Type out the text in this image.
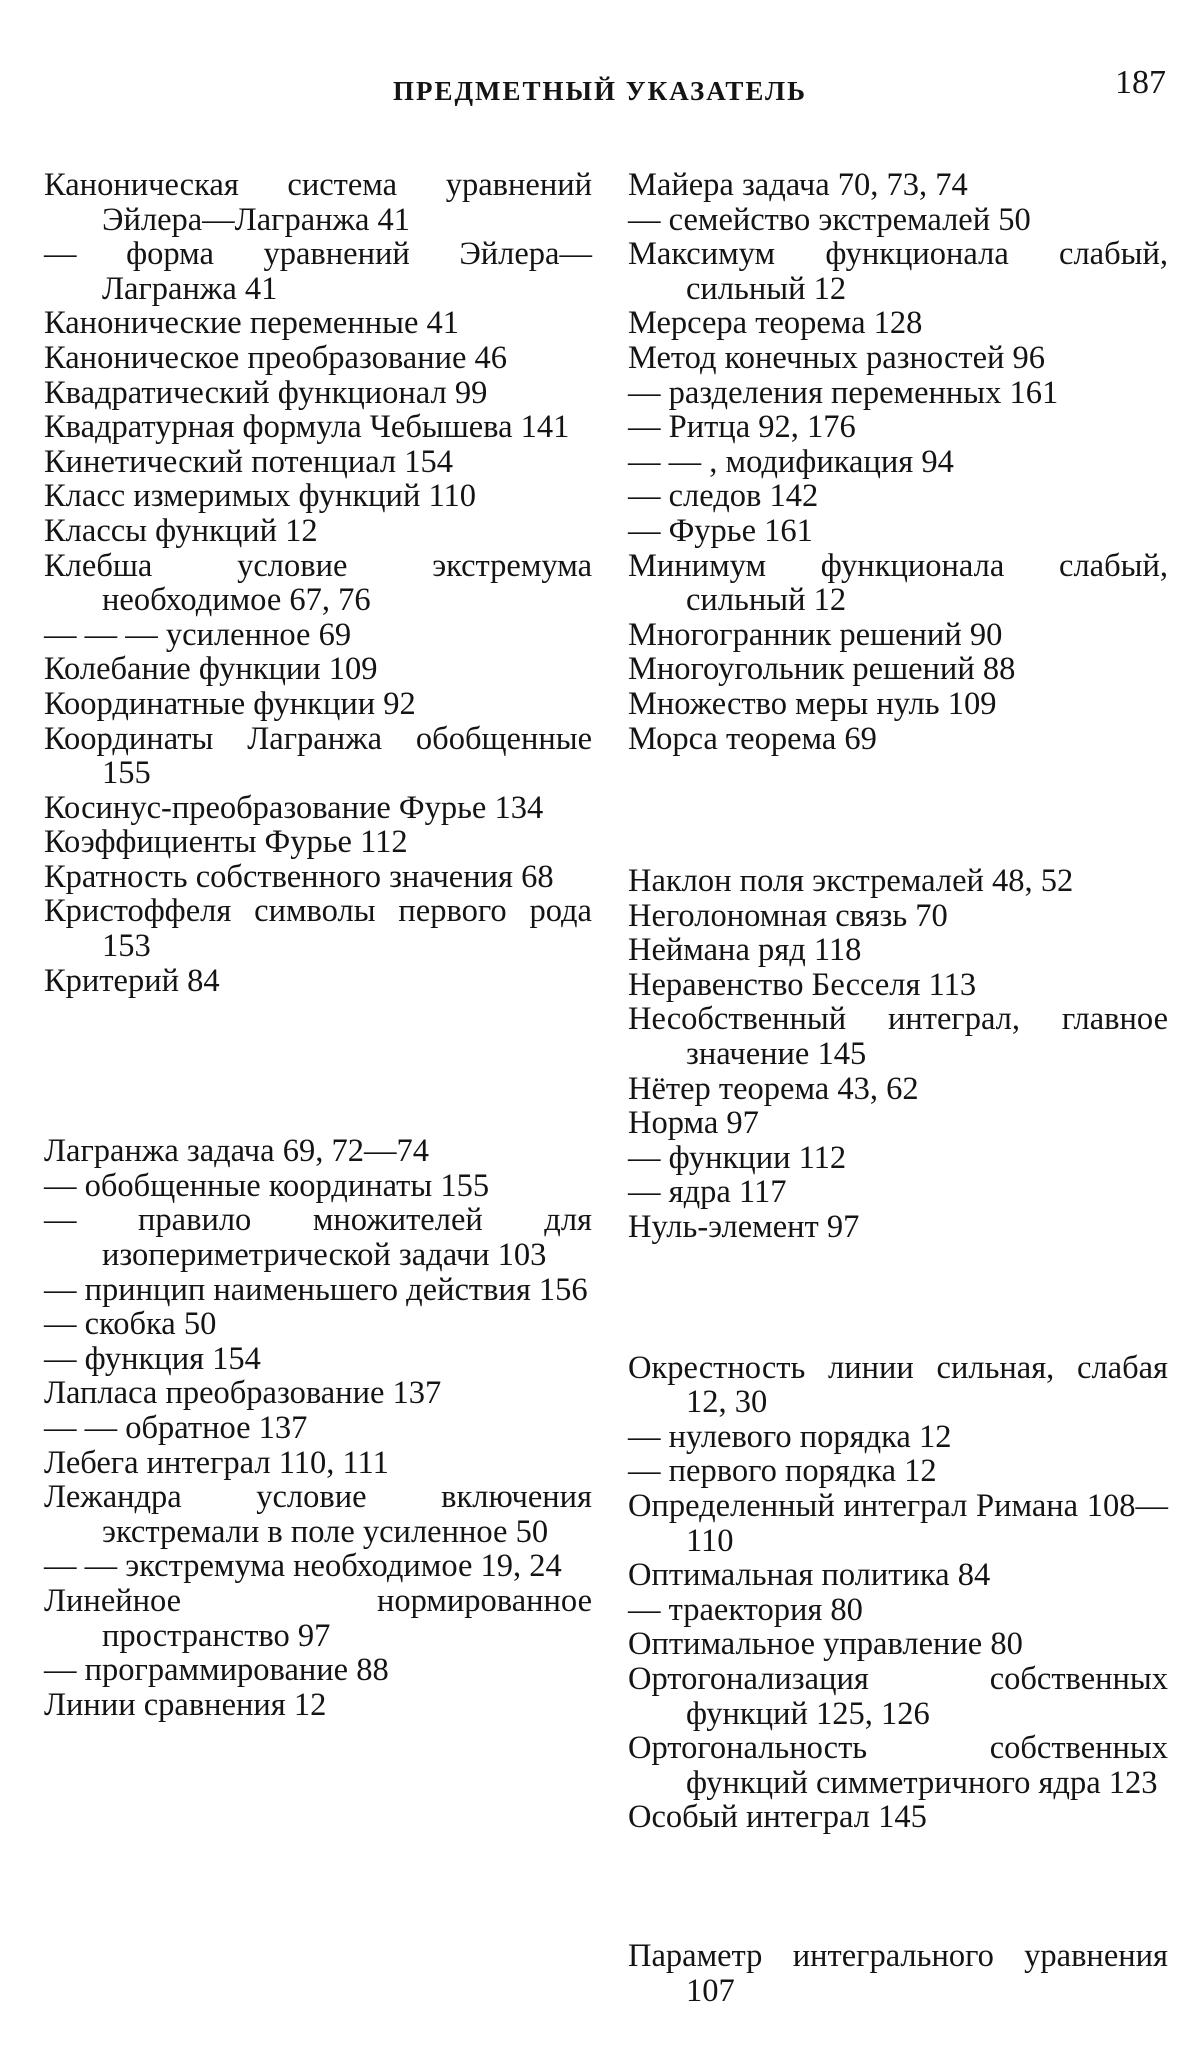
ПРЕДМЕТНЫЙ УКАЗАТЕЛЬ	187
Каноническая система уравнений Эйлера—Лагранжа 41
— форма уравнений Эйлера—Лагранжа 41
Канонические переменные 41
Каноническое преобразование 46
Квадратический функционал 99
Квадратурная формула Чебышева 141
Кинетический потенциал 154
Класс измеримых функций 110
Классы функций 12
Клебша условие экстремума необходимое 67, 76
— — — усиленное 69
Колебание функции 109
Координатные функции 92
Координаты Лагранжа обобщенные 155
Косинус-преобразование Фурье 134
Коэффициенты Фурье 112
Кратность собственного значения 68
Кристоффеля символы первого рода 153
Критерий 84
Лагранжа задача 69, 72—74
— обобщенные координаты 155
— правило множителей для изопериметрической задачи 103
— принцип наименьшего действия 156
— скобка 50
— функция 154
Лапласа преобразование 137
— — обратное 137
Лебега интеграл 110, 111
Лежандра условие включения экстремали в поле усиленное 50
— — экстремума необходимое 19, 24
Линейное нормированное пространство 97
— программирование 88
Линии сравнения 12
Майера задача 70, 73, 74
— семейство экстремалей 50
Максимум функционала слабый, сильный 12
Мерсера теорема 128
Метод конечных разностей 96
— разделения переменных 161
— Ритца 92, 176
— — , модификация 94
— следов 142
— Фурье 161
Минимум функционала слабый, сильный 12
Многогранник решений 90
Многоугольник решений 88
Множество меры нуль 109
Морса теорема 69
Наклон поля экстремалей 48, 52
Неголономная связь 70
Неймана ряд 118
Неравенство Бесселя 113
Несобственный интеграл, главное значение 145
Нётер теорема 43, 62
Норма 97
— функции 112
— ядра 117
Нуль-элемент 97
Окрестность линии сильная, слабая 12, 30
— нулевого порядка 12
— первого порядка 12
Определенный интеграл Римана 108—110
Оптимальная политика 84
— траектория 80
Оптимальное управление 80
Ортогонализация собственных функций 125, 126
Ортогональность собственных функций симметричного ядра 123
Особый интеграл 145
Параметр интегрального уравнения 107
